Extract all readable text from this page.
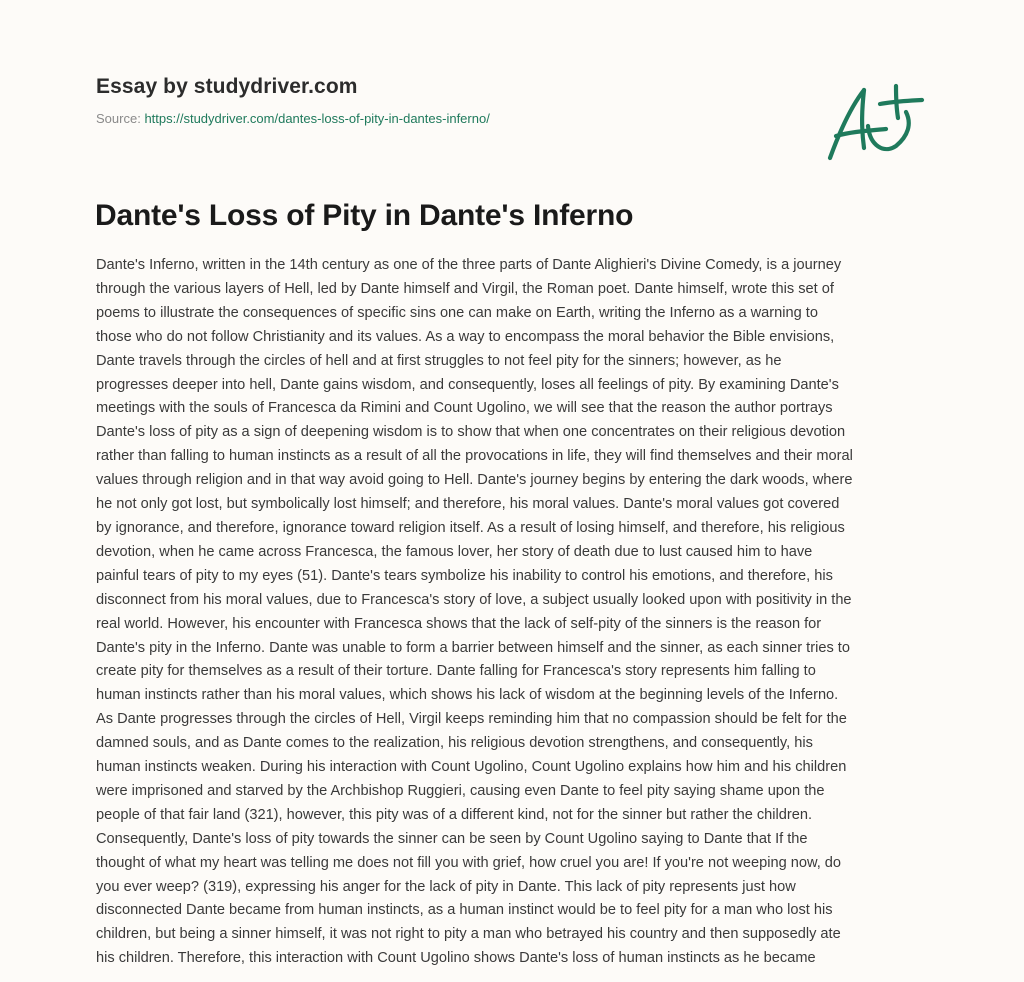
Essay by studydriver.com
Source: https://studydriver.com/dantes-loss-of-pity-in-dantes-inferno/
Dante's Loss of Pity in Dante's Inferno
Dante's Inferno, written in the 14th century as one of the three parts of Dante Alighieri's Divine Comedy, is a journey
through the various layers of Hell, led by Dante himself and Virgil, the Roman poet. Dante himself, wrote this set of
poems to illustrate the consequences of specific sins one can make on Earth, writing the Inferno as a warning to
those who do not follow Christianity and its values. As a way to encompass the moral behavior the Bible envisions,
Dante travels through the circles of hell and at first struggles to not feel pity for the sinners; however, as he
progresses deeper into hell, Dante gains wisdom, and consequently, loses all feelings of pity. By examining Dante's
meetings with the souls of Francesca da Rimini and Count Ugolino, we will see that the reason the author portrays
Dante's loss of pity as a sign of deepening wisdom is to show that when one concentrates on their religious devotion
rather than falling to human instincts as a result of all the provocations in life, they will find themselves and their moral
values through religion and in that way avoid going to Hell. Dante's journey begins by entering the dark woods, where
he not only got lost, but symbolically lost himself; and therefore, his moral values. Dante's moral values got covered
by ignorance, and therefore, ignorance toward religion itself. As a result of losing himself, and therefore, his religious
devotion, when he came across Francesca, the famous lover, her story of death due to lust caused him to have
painful tears of pity to my eyes (51). Dante's tears symbolize his inability to control his emotions, and therefore, his
disconnect from his moral values, due to Francesca's story of love, a subject usually looked upon with positivity in the
real world. However, his encounter with Francesca shows that the lack of self-pity of the sinners is the reason for
Dante's pity in the Inferno. Dante was unable to form a barrier between himself and the sinner, as each sinner tries to
create pity for themselves as a result of their torture. Dante falling for Francesca's story represents him falling to
human instincts rather than his moral values, which shows his lack of wisdom at the beginning levels of the Inferno.
As Dante progresses through the circles of Hell, Virgil keeps reminding him that no compassion should be felt for the
damned souls, and as Dante comes to the realization, his religious devotion strengthens, and consequently, his
human instincts weaken. During his interaction with Count Ugolino, Count Ugolino explains how him and his children
were imprisoned and starved by the Archbishop Ruggieri, causing even Dante to feel pity saying shame upon the
people of that fair land (321), however, this pity was of a different kind, not for the sinner but rather the children.
Consequently, Dante's loss of pity towards the sinner can be seen by Count Ugolino saying to Dante that If the
thought of what my heart was telling me does not fill you with grief, how cruel you are! If you're not weeping now, do
you ever weep? (319), expressing his anger for the lack of pity in Dante. This lack of pity represents just how
disconnected Dante became from human instincts, as a human instinct would be to feel pity for a man who lost his
children, but being a sinner himself, it was not right to pity a man who betrayed his country and then supposedly ate
his children. Therefore, this interaction with Count Ugolino shows Dante's loss of human instincts as he became
